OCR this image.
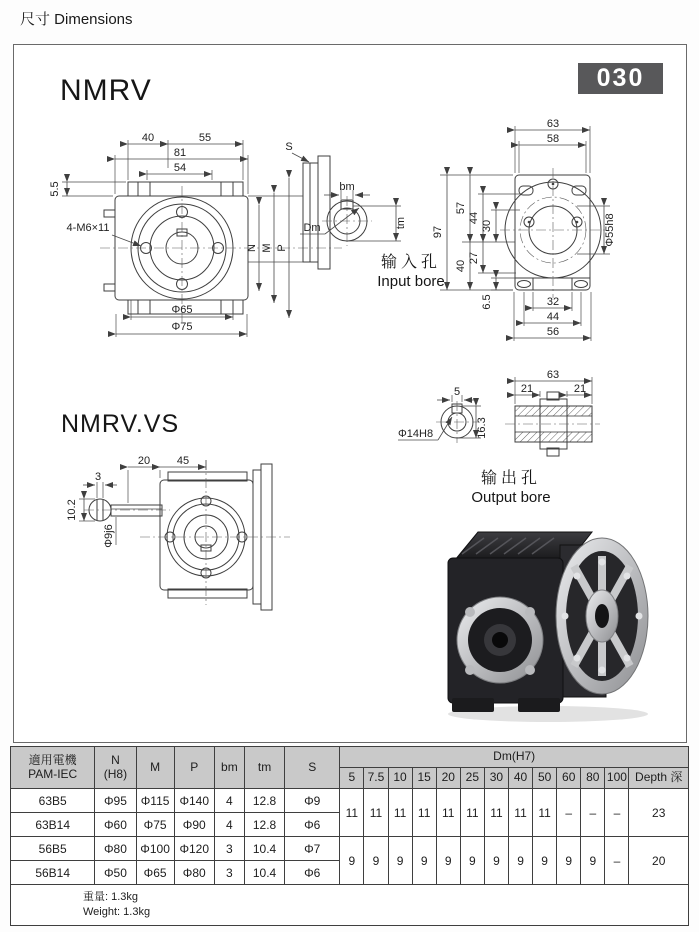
尺寸 Dimensions
NMRV	030
NMRV.VS
40	55
81
54
5.5
S
N M P
Φ65
Φ75
4-M6×11
bm
tm
Dm
63
58
97
57
40
44
30
27
6.5
Φ55h8
32
44
56
5
Φ14H8	16.3
63
21	21
20 45
3
10.2
Φ9j6
输入孔
Input bore
输出孔
Output bore
適用電機
PAM-IEC	N
(H8)	M	P	bm	tm	S	Dm(H7)												
							5	7.5	10	15	20	25	30	40	50	60	80	100	Depth 深
63B5	Φ95	Φ115	Φ140	4	12.8	Φ9	11	11	11	11	11	11	11	11	11	–	–	–	23
63B14	Φ60	Φ75	Φ90	4	12.8	Φ6													
56B5	Φ80	Φ100	Φ120	3	10.4	Φ7	9	9	9	9	9	9	9	9	9	9	9	–	20
56B14	Φ50	Φ65	Φ80	3	10.4	Φ6													

重量: 1.3kg
Weight: 1.3kg																			
